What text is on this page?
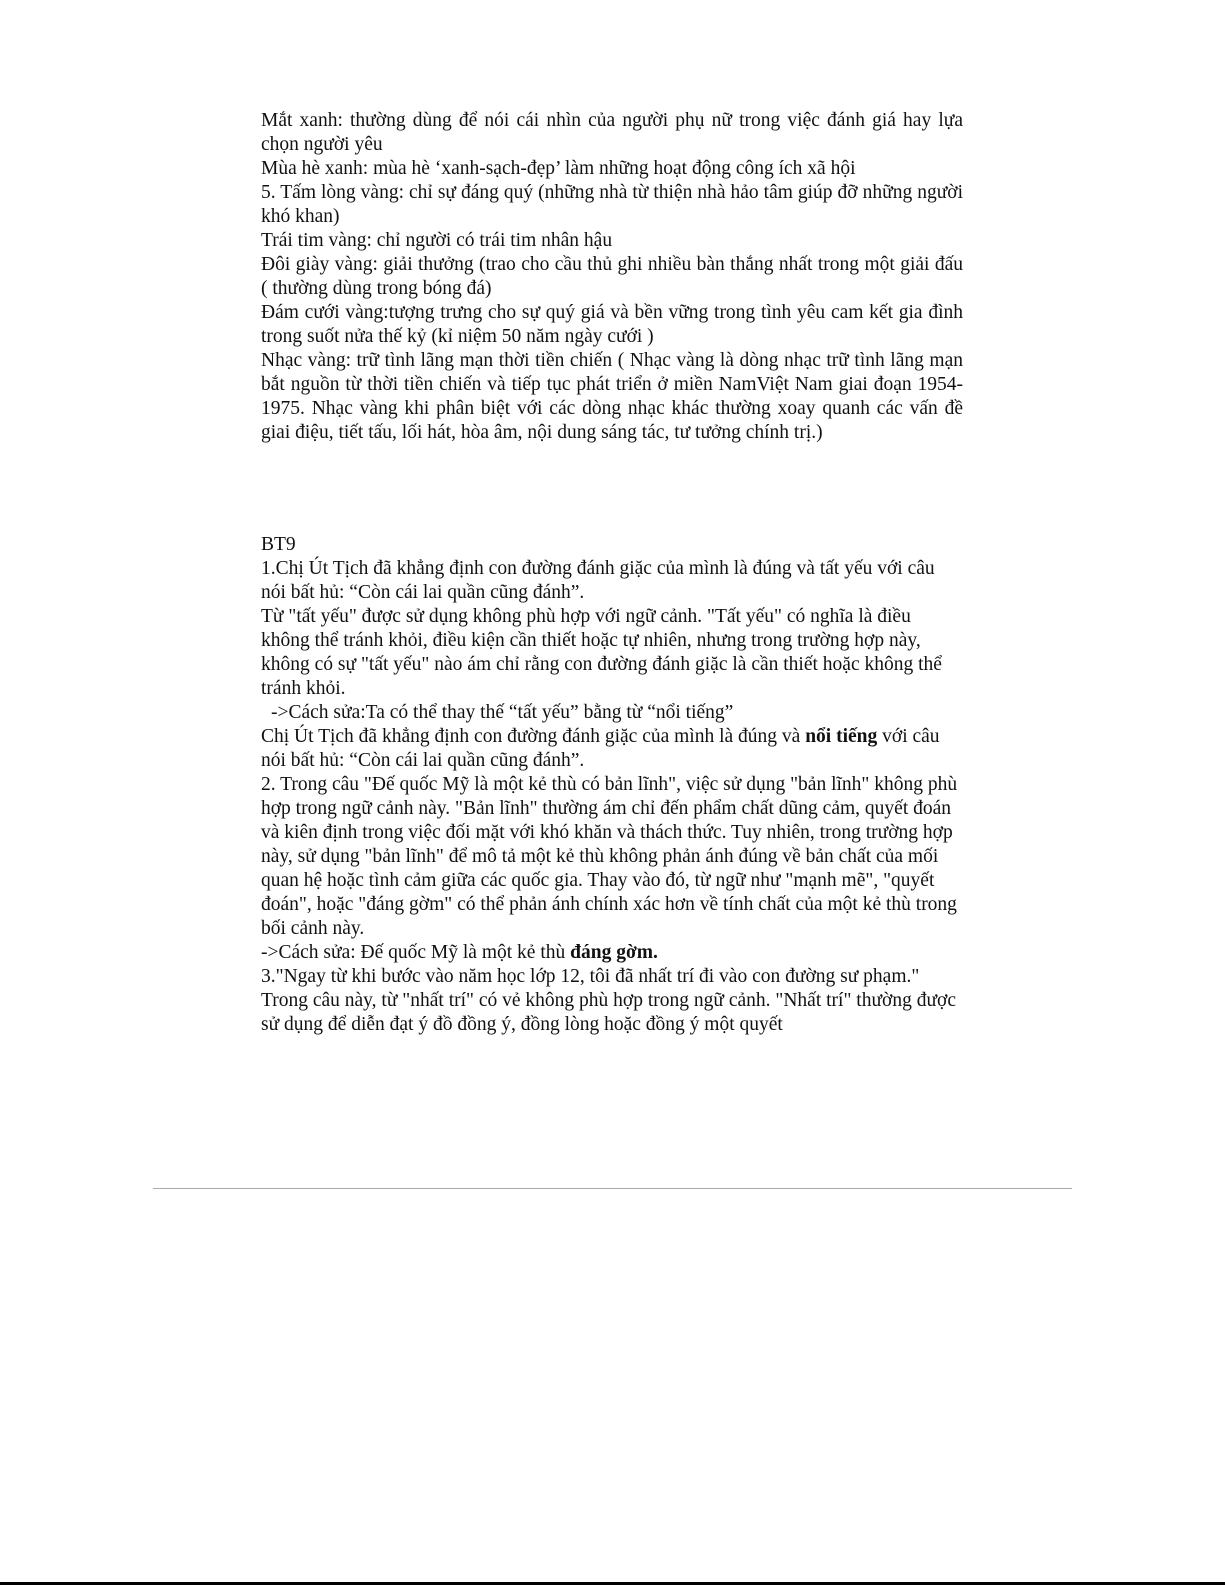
Mắt xanh: thường dùng để nói cái nhìn của người phụ nữ trong việc đánh giá hay lựa chọn người yêu

Mùa hè xanh: mùa hè ‘xanh-sạch-đẹp’ làm những hoạt động công ích xã hội

5. Tấm lòng vàng: chỉ sự đáng quý (những nhà từ thiện nhà hảo tâm giúp đỡ những người khó khan)

Trái tim vàng: chỉ người có trái tim nhân hậu

Đôi giày vàng: giải thưởng (trao cho cầu thủ ghi nhiều bàn thắng nhất trong một giải đấu ( thường dùng trong bóng đá)

Đám cưới vàng:tượng trưng cho sự quý giá và bền vững trong tình yêu cam kết gia đình trong suốt nửa thế kỷ (kỉ niệm 50 năm ngày cưới )

Nhạc vàng: trữ tình lãng mạn thời tiền chiến ( Nhạc vàng là dòng nhạc trữ tình lãng mạn bắt nguồn từ thời tiền chiến và tiếp tục phát triển ở miền NamViệt Nam giai đoạn 1954-1975. Nhạc vàng khi phân biệt với các dòng nhạc khác thường xoay quanh các vấn đề giai điệu, tiết tấu, lối hát, hòa âm, nội dung sáng tác, tư tưởng chính trị.)

BT9

1.Chị Út Tịch đã khẳng định con đường đánh giặc của mình là đúng và tất yếu với câu nói bất hủ: “Còn cái lai quần cũng đánh”.

Từ "tất yếu" được sử dụng không phù hợp với ngữ cảnh. "Tất yếu" có nghĩa là điều không thể tránh khỏi, điều kiện cần thiết hoặc tự nhiên, nhưng trong trường hợp này, không có sự "tất yếu" nào ám chỉ rằng con đường đánh giặc là cần thiết hoặc không thể tránh khỏi.

->Cách sửa:Ta có thể thay thế “tất yếu” bằng từ “nổi tiếng”

Chị Út Tịch đã khẳng định con đường đánh giặc của mình là đúng và nổi tiếng với câu nói bất hủ: “Còn cái lai quần cũng đánh”.

2. Trong câu "Đế quốc Mỹ là một kẻ thù có bản lĩnh", việc sử dụng "bản lĩnh" không phù hợp trong ngữ cảnh này. "Bản lĩnh" thường ám chỉ đến phẩm chất dũng cảm, quyết đoán và kiên định trong việc đối mặt với khó khăn và thách thức. Tuy nhiên, trong trường hợp này, sử dụng "bản lĩnh" để mô tả một kẻ thù không phản ánh đúng về bản chất của mối quan hệ hoặc tình cảm giữa các quốc gia. Thay vào đó, từ ngữ như "mạnh mẽ", "quyết đoán", hoặc "đáng gờm" có thể phản ánh chính xác hơn về tính chất của một kẻ thù trong bối cảnh này.

->Cách sửa: Đế quốc Mỹ là một kẻ thù đáng gờm.

3."Ngay từ khi bước vào năm học lớp 12, tôi đã nhất trí đi vào con đường sư phạm."

Trong câu này, từ "nhất trí" có vẻ không phù hợp trong ngữ cảnh. "Nhất trí" thường được sử dụng để diễn đạt ý đồ đồng ý, đồng lòng hoặc đồng ý một quyết
